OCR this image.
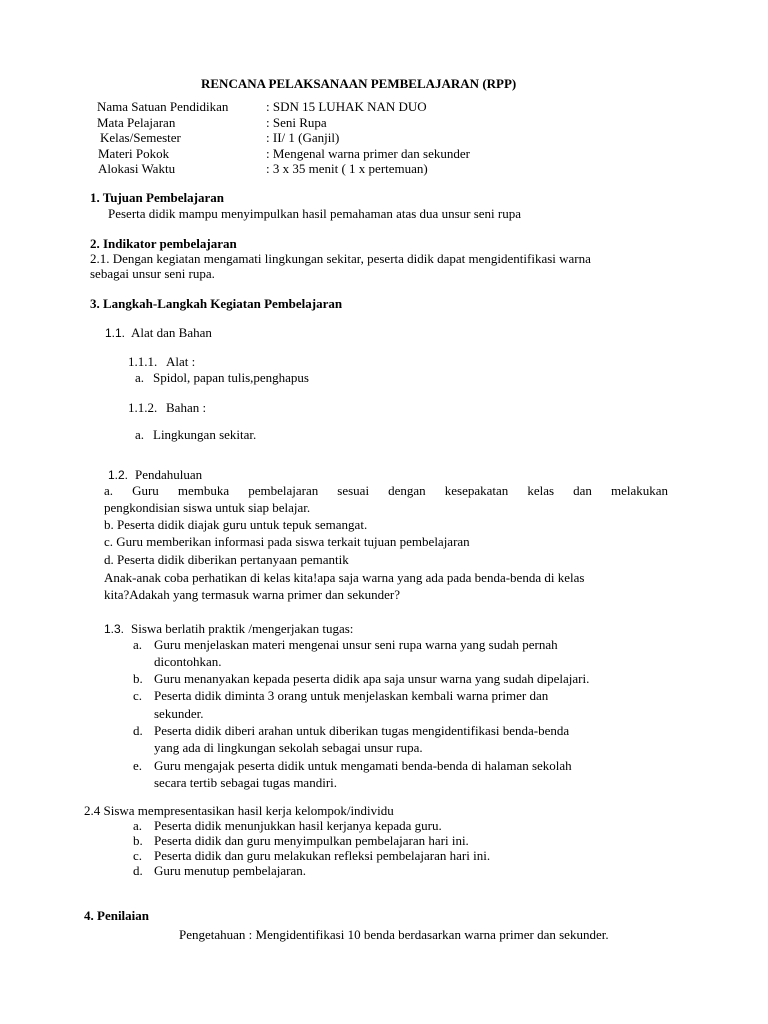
RENCANA PELAKSANAAN PEMBELAJARAN (RPP)
Nama Satuan Pendidikan	: SDN 15 LUHAK NAN DUO
Mata Pelajaran	: Seni Rupa
Kelas/Semester	: II/ 1 (Ganjil)
Materi Pokok	: Mengenal warna primer dan sekunder
Alokasi Waktu	: 3 x 35 menit ( 1 x pertemuan)
1. Tujuan Pembelajaran
Peserta didik mampu menyimpulkan hasil pemahaman atas dua unsur seni rupa
2. Indikator pembelajaran
2.1. Dengan kegiatan mengamati lingkungan sekitar, peserta didik dapat mengidentifikasi warna
sebagai unsur seni rupa.
3. Langkah-Langkah Kegiatan Pembelajaran
1.1. Alat dan Bahan
1.1.1. Alat :
a. Spidol, papan tulis,penghapus
1.1.2. Bahan :
a. Lingkungan sekitar.
1.2. Pendahuluan
a. Guru membuka pembelajaran sesuai dengan kesepakatan kelas dan melakukan
pengkondisian siswa untuk siap belajar.
b. Peserta didik diajak guru untuk tepuk semangat.
c. Guru memberikan informasi pada siswa terkait tujuan pembelajaran
d. Peserta didik diberikan pertanyaan pemantik
Anak-anak coba perhatikan di kelas kita!apa saja warna yang ada pada benda-benda di kelas
kita?Adakah yang termasuk warna primer dan sekunder?
1.3. Siswa berlatih praktik /mengerjakan tugas:
a. Guru menjelaskan materi mengenai unsur seni rupa warna yang sudah pernah
dicontohkan.
b. Guru menanyakan kepada peserta didik apa saja unsur warna yang sudah dipelajari.
c. Peserta didik diminta 3 orang untuk menjelaskan kembali warna primer dan
sekunder.
d. Peserta didik diberi arahan untuk diberikan tugas mengidentifikasi benda-benda
yang ada di lingkungan sekolah sebagai unsur rupa.
e. Guru mengajak peserta didik untuk mengamati benda-benda di halaman sekolah
secara tertib sebagai tugas mandiri.
2.4 Siswa mempresentasikan hasil kerja kelompok/individu
a. Peserta didik menunjukkan hasil kerjanya kepada guru.
b. Peserta didik dan guru menyimpulkan pembelajaran hari ini.
c. Peserta didik dan guru melakukan refleksi pembelajaran hari ini.
d. Guru menutup pembelajaran.
4. Penilaian
Pengetahuan : Mengidentifikasi 10 benda berdasarkan warna primer dan sekunder.
